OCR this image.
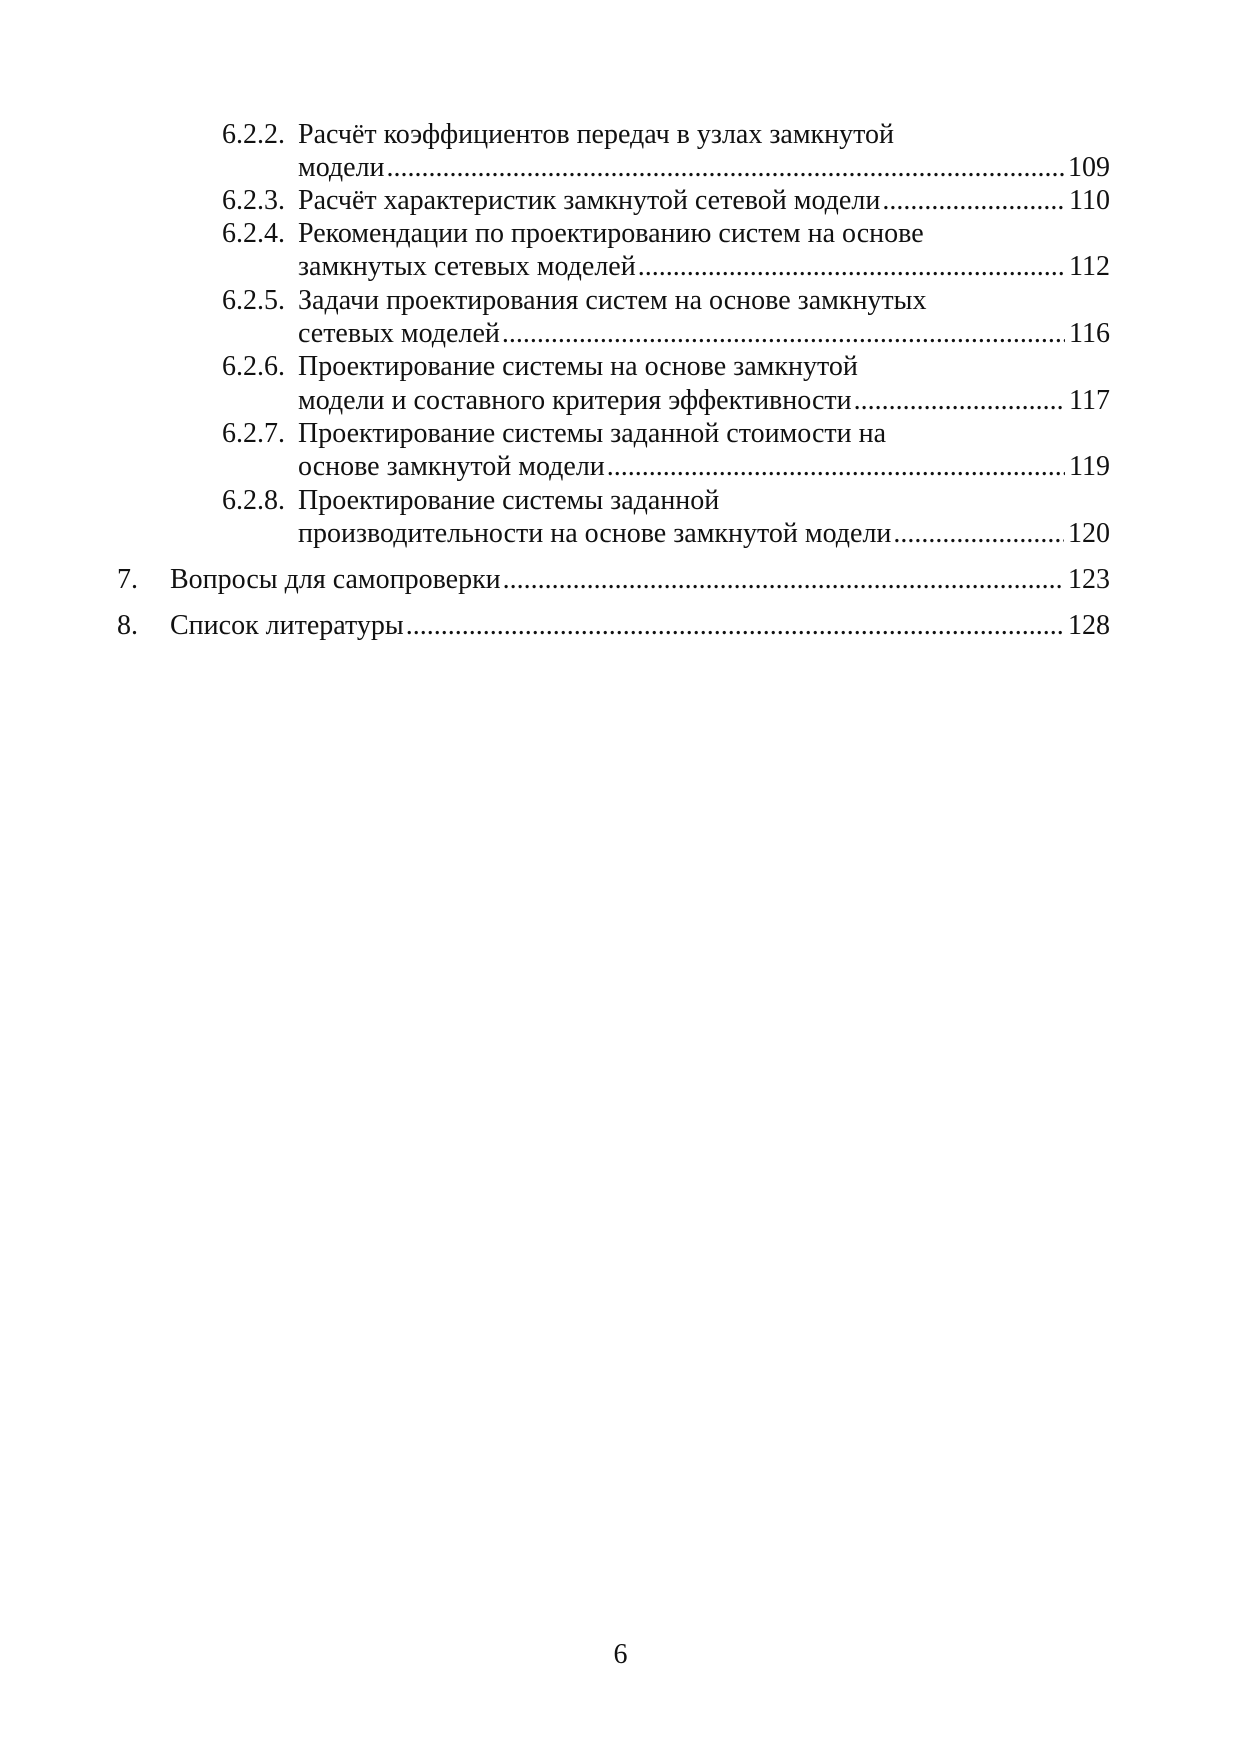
6.2.2. Расчёт коэффициентов передач в узлах замкнутой
модели .....	109
6.2.3. Расчёт характеристик замкнутой сетевой модели .....	110
6.2.4. Рекомендации по проектированию систем на основе
замкнутых сетевых моделей .....	112
6.2.5. Задачи проектирования систем на основе замкнутых
сетевых моделей .....	116
6.2.6. Проектирование системы на основе замкнутой
модели и составного критерия эффективности .....	117
6.2.7. Проектирование системы заданной стоимости на
основе замкнутой модели .....	119
6.2.8. Проектирование системы заданной
производительности на основе замкнутой модели .....	120
7. Вопросы для самопроверки .....	123
8. Список литературы .....	128
6
